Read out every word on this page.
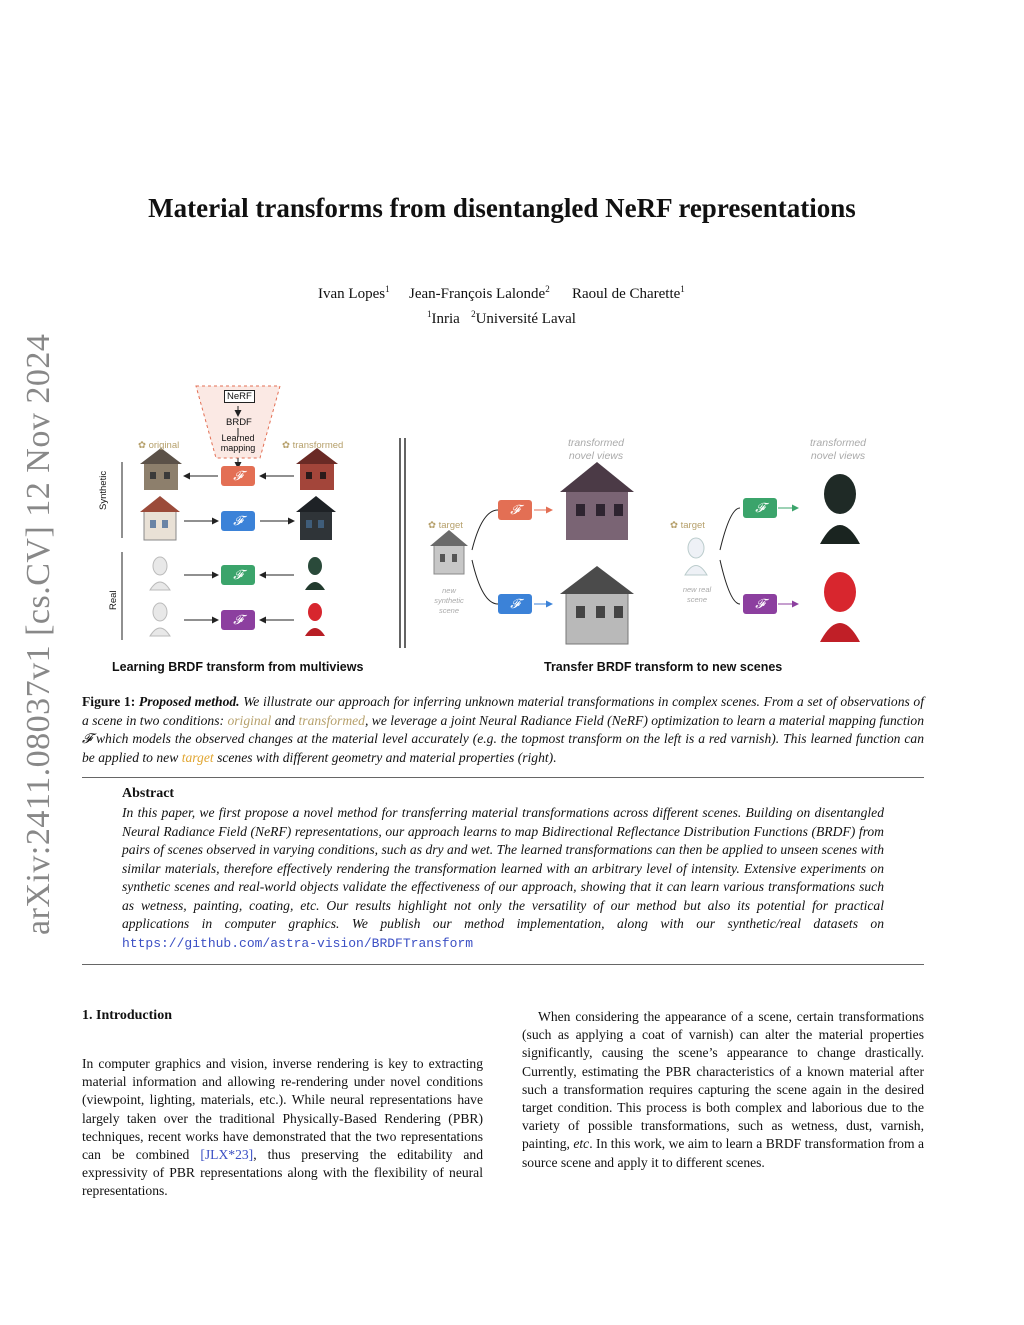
arXiv:2411.08037v1 [cs.CV] 12 Nov 2024
Material transforms from disentangled NeRF representations
Ivan Lopes$^1$ Jean-François Lalonde$^2$ Raoul de Charette$^1$
$^1$Inria $^2$Université Laval
NeRF
BRDF
Learned
mapping
✿ original	✿ transformed
Synthetic
Real
𝓕
𝓕
𝓕
𝓕
✿ target
new
synthetic
scene
𝓕
𝓕
transformed
novel views
✿ target
new real
scene
𝓕
𝓕
transformed
novel views
Learning BRDF transform from multiviews	Transfer BRDF transform to new scenes
Figure 1: Proposed method. We illustrate our approach for inferring unknown material transformations in complex scenes. From a set of observations of a scene in two conditions: original and transformed, we leverage a joint Neural Radiance Field (NeRF) optimization to learn a material mapping function 𝓕 which models the observed changes at the material level accurately (e.g. the topmost transform on the left is a red varnish). This learned function can be applied to new target scenes with different geometry and material properties (right).
Abstract
In this paper, we first propose a novel method for transferring material transformations across different scenes. Building on disentangled Neural Radiance Field (NeRF) representations, our approach learns to map Bidirectional Reflectance Distribution Functions (BRDF) from pairs of scenes observed in varying conditions, such as dry and wet. The learned transformations can then be applied to unseen scenes with similar materials, therefore effectively rendering the transformation learned with an arbitrary level of intensity. Extensive experiments on synthetic scenes and real-world objects validate the effectiveness of our approach, showing that it can learn various transformations such as wetness, painting, coating, etc. Our results highlight not only the versatility of our method but also its potential for practical applications in computer graphics. We publish our method implementation, along with our synthetic/real datasets on https://github.com/astra-vision/BRDFTransform
1. Introduction
In computer graphics and vision, inverse rendering is key to extracting material information and allowing re-rendering under novel conditions (viewpoint, lighting, materials, etc.). While neural representations have largely taken over the traditional Physically-Based Rendering (PBR) techniques, recent works have demonstrated that the two representations can be combined [JLX*23], thus preserving the editability and expressivity of PBR representations along with the flexibility of neural representations.
When considering the appearance of a scene, certain transformations (such as applying a coat of varnish) can alter the material properties significantly, causing the scene’s appearance to change drastically. Currently, estimating the PBR characteristics of a known material after such a transformation requires capturing the scene again in the desired target condition. This process is both complex and laborious due to the variety of possible transformations, such as wetness, dust, varnish, painting, etc. In this work, we aim to learn a BRDF transformation from a source scene and apply it to different scenes.
